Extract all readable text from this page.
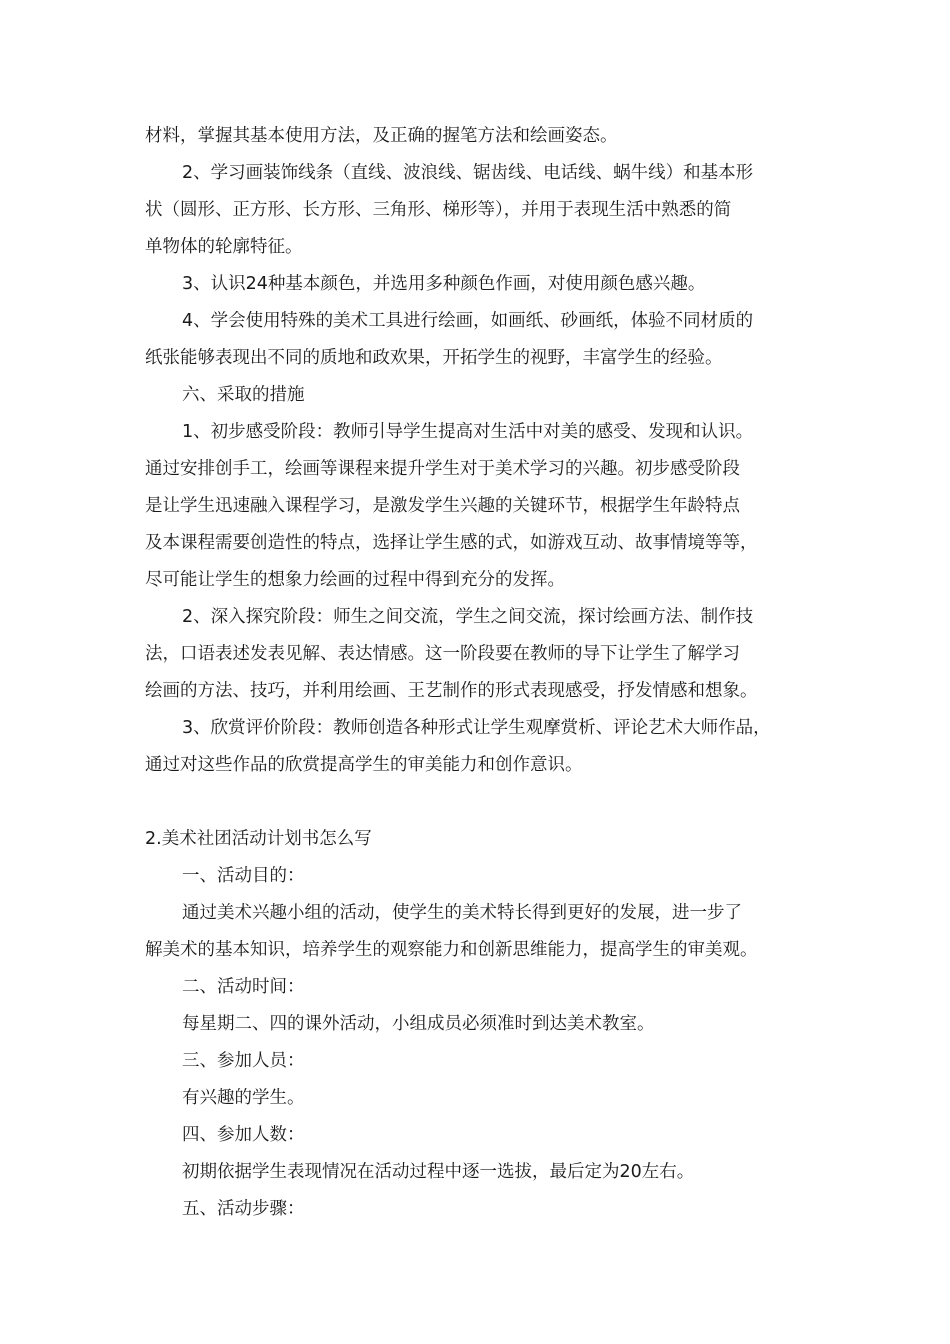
材料，掌握其基本使用方法，及正确的握笔方法和绘画姿态。

2、学习画装饰线条（直线、波浪线、锯齿线、电话线、蜗牛线）和基本形

状（圆形、正方形、长方形、三角形、梯形等），并用于表现生活中熟悉的简

单物体的轮廓特征。

3、认识24种基本颜色，并选用多种颜色作画，对使用颜色感兴趣。

4、学会使用特殊的美术工具进行绘画，如画纸、砂画纸，体验不同材质的

纸张能够表现出不同的质地和政欢果，开拓学生的视野，丰富学生的经验。

六、采取的措施

1、初步感受阶段：教师引导学生提高对生活中对美的感受、发现和认识。

通过安排创手工，绘画等课程来提升学生对于美术学习的兴趣。初步感受阶段

是让学生迅速融入课程学习，是激发学生兴趣的关键环节，根据学生年龄特点

及本课程需要创造性的特点，选择让学生感的式，如游戏互动、故事情境等等，

尽可能让学生的想象力绘画的过程中得到充分的发挥。

2、深入探究阶段：师生之间交流，学生之间交流，探讨绘画方法、制作技

法，口语表述发表见解、表达情感。这一阶段要在教师的导下让学生了解学习

绘画的方法、技巧，并利用绘画、王艺制作的形式表现感受，抒发情感和想象。

3、欣赏评价阶段：教师创造各种形式让学生观摩赏析、评论艺术大师作品，

通过对这些作品的欣赏提高学生的审美能力和创作意识。

2.美术社团活动计划书怎么写

一、活动目的：

通过美术兴趣小组的活动，使学生的美术特长得到更好的发展，进一步了

解美术的基本知识，培养学生的观察能力和创新思维能力，提高学生的审美观。

二、活动时间：

每星期二、四的课外活动，小组成员必须准时到达美术教室。

三、参加人员：

有兴趣的学生。

四、参加人数：

初期依据学生表现情况在活动过程中逐一选拔，最后定为20左右。

五、活动步骤：
